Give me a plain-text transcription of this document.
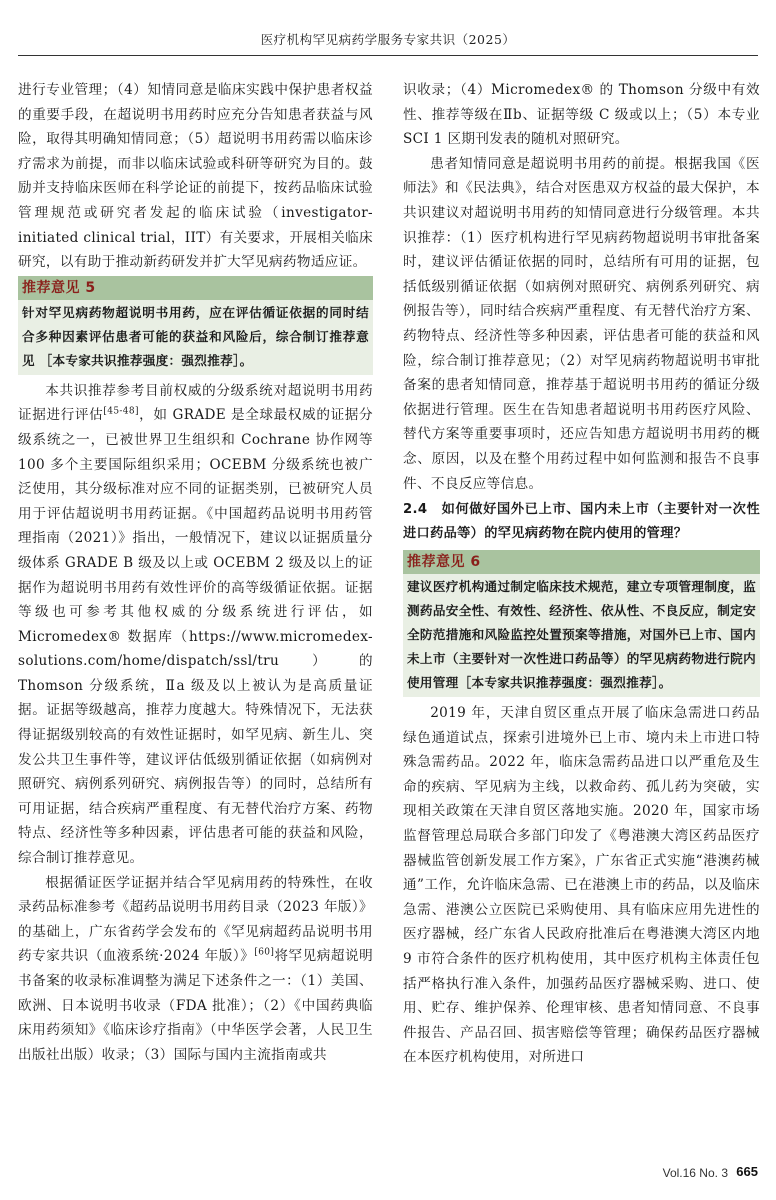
医疗机构罕见病药学服务专家共识（2025）

进行专业管理；（4）知情同意是临床实践中保护患者权益的重要手段，在超说明书用药时应充分告知患者获益与风险，取得其明确知情同意；（5）超说明书用药需以临床诊疗需求为前提，而非以临床试验或科研等研究为目的。鼓励并支持临床医师在科学论证的前提下，按药品临床试验管理规范或研究者发起的临床试验（investigator-initiated clinical trial，IIT）有关要求，开展相关临床研究，以有助于推动新药研发并扩大罕见病药物适应证。

推荐意见 5
针对罕见病药物超说明书用药，应在评估循证依据的同时结合多种因素评估患者可能的获益和风险后，综合制订推荐意见 ［本专家共识推荐强度：强烈推荐］。

本共识推荐参考目前权威的分级系统对超说明书用药证据进行评估[45-48]，如 GRADE 是全球最权威的证据分级系统之一，已被世界卫生组织和 Cochrane 协作网等 100 多个主要国际组织采用；OCEBM 分级系统也被广泛使用，其分级标准对应不同的证据类别，已被研究人员用于评估超说明书用药证据。《中国超药品说明书用药管理指南（2021）》指出，一般情况下，建议以证据质量分级体系 GRADE B 级及以上或 OCEBM 2 级及以上的证据作为超说明书用药有效性评价的高等级循证依据。证据等级也可参考其他权威的分级系统进行评估，如 Micromedex® 数据库（https://www.micromedex-solutions.com/home/dispatch/ssl/tru）的 Thomson 分级系统，Ⅱa 级及以上被认为是高质量证据。证据等级越高，推荐力度越大。特殊情况下，无法获得证据级别较高的有效性证据时，如罕见病、新生儿、突发公共卫生事件等，建议评估低级别循证依据（如病例对照研究、病例系列研究、病例报告等）的同时，总结所有可用证据，结合疾病严重程度、有无替代治疗方案、药物特点、经济性等多种因素，评估患者可能的获益和风险，综合制订推荐意见。

根据循证医学证据并结合罕见病用药的特殊性，在收录药品标准参考《超药品说明书用药目录（2023 年版）》的基础上，广东省药学会发布的《罕见病超药品说明书用药专家共识（血液系统·2024 年版）》[60]将罕见病超说明书备案的收录标准调整为满足下述条件之一：（1）美国、欧洲、日本说明书收录（FDA 批准）；（2）《中国药典临床用药须知》《临床诊疗指南》（中华医学会著，人民卫生出版社出版）收录；（3）国际与国内主流指南或共

识收录；（4）Micromedex® 的 Thomson 分级中有效性、推荐等级在Ⅱb、证据等级 C 级或以上；（5）本专业 SCI 1 区期刊发表的随机对照研究。

患者知情同意是超说明书用药的前提。根据我国《医师法》和《民法典》，结合对医患双方权益的最大保护，本共识建议对超说明书用药的知情同意进行分级管理。本共识推荐：（1）医疗机构进行罕见病药物超说明书审批备案时，建议评估循证依据的同时，总结所有可用的证据，包括低级别循证依据（如病例对照研究、病例系列研究、病例报告等），同时结合疾病严重程度、有无替代治疗方案、药物特点、经济性等多种因素，评估患者可能的获益和风险，综合制订推荐意见；（2）对罕见病药物超说明书审批备案的患者知情同意，推荐基于超说明书用药的循证分级依据进行管理。医生在告知患者超说明书用药医疗风险、替代方案等重要事项时，还应告知患方超说明书用药的概念、原因，以及在整个用药过程中如何监测和报告不良事件、不良反应等信息。

2.4　如何做好国外已上市、国内未上市（主要针对一次性进口药品等）的罕见病药物在院内使用的管理？
推荐意见 6
建议医疗机构通过制定临床技术规范，建立专项管理制度，监测药品安全性、有效性、经济性、依从性、不良反应，制定安全防范措施和风险监控处置预案等措施，对国外已上市、国内未上市（主要针对一次性进口药品等）的罕见病药物进行院内使用管理［本专家共识推荐强度：强烈推荐］。

2019 年，天津自贸区重点开展了临床急需进口药品绿色通道试点，探索引进境外已上市、境内未上市进口特殊急需药品。2022 年，临床急需药品进口以严重危及生命的疾病、罕见病为主线，以救命药、孤儿药为突破，实现相关政策在天津自贸区落地实施。2020 年，国家市场监督管理总局联合多部门印发了《粤港澳大湾区药品医疗器械监管创新发展工作方案》，广东省正式实施“港澳药械通”工作，允许临床急需、已在港澳上市的药品，以及临床急需、港澳公立医院已采购使用、具有临床应用先进性的医疗器械，经广东省人民政府批准后在粤港澳大湾区内地 9 市符合条件的医疗机构使用，其中医疗机构主体责任包括严格执行准入条件，加强药品医疗器械采购、进口、使用、贮存、维护保养、伦理审核、患者知情同意、不良事件报告、产品召回、损害赔偿等管理；确保药品医疗器械在本医疗机构使用，对所进口

Vol.16 No. 3 665
